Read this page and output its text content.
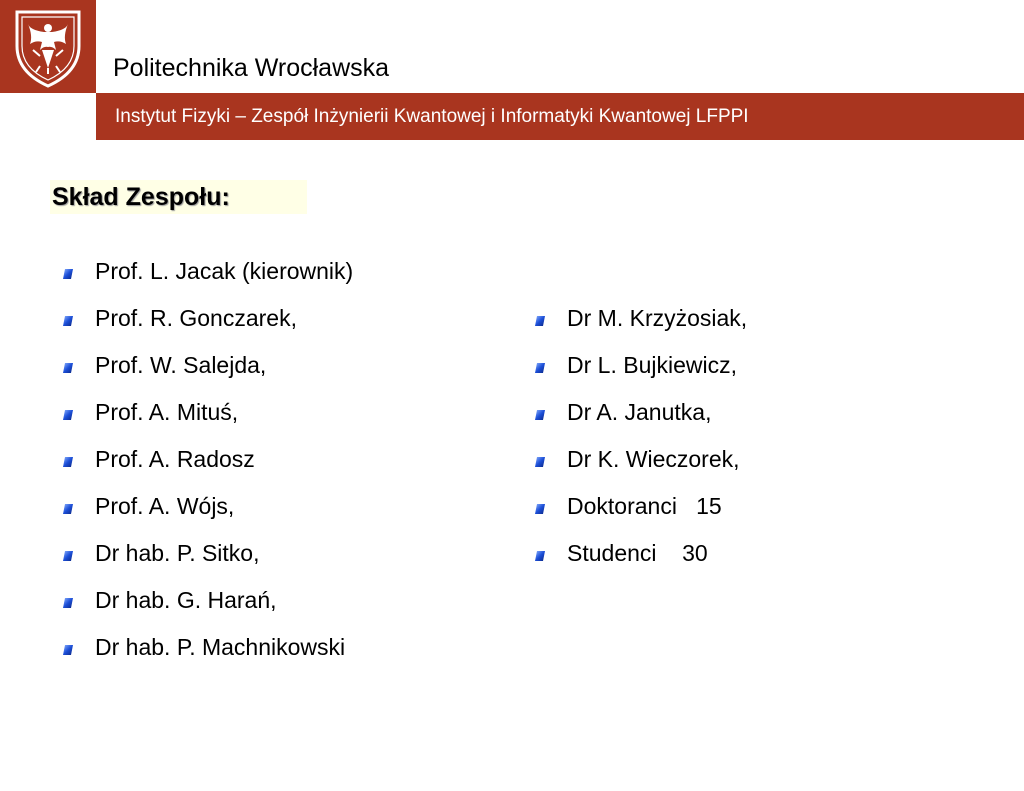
Politechnika Wrocławska
Instytut Fizyki – Zespół Inżynierii Kwantowej i Informatyki Kwantowej LFPPI
Skład Zespołu:
Prof. L. Jacak (kierownik)
Prof. R. Gonczarek,
Prof. W. Salejda,
Prof. A. Mituś,
Prof. A. Radosz
Prof. A. Wójs,
Dr hab. P. Sitko,
Dr hab. G. Harań,
Dr hab. P. Machnikowski
Dr M. Krzyżosiak,
Dr L. Bujkiewicz,
Dr A. Janutka,
Dr K. Wieczorek,
Doktoranci   15
Studenci    30
